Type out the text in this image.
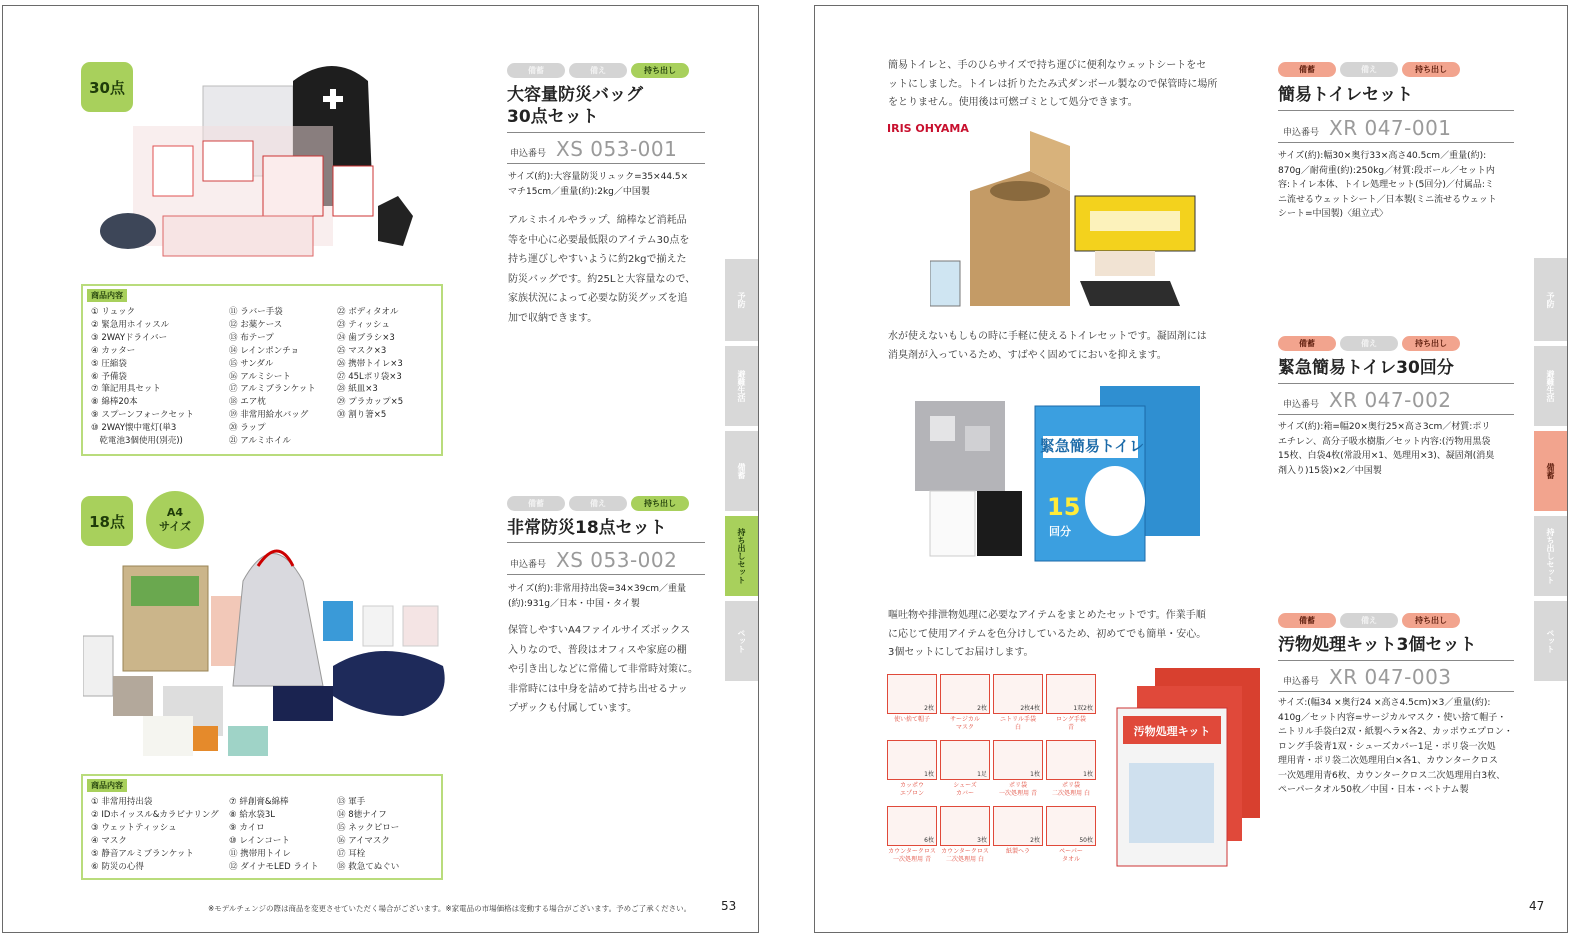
30点
備蓄	備え	持ち出し
大容量防災バッグ
30点セット
申込番号 XS 053-001
サイズ(約):大容量防災リュック=35×44.5×
マチ15cm／重量(約):2kg／中国製
アルミホイルやラップ、綿棒など消耗品
等を中心に必要最低限のアイテム30点を
持ち運びしやすいように約2kgで揃えた
防災バッグです。約25Lと大容量なので、
家族状況によって必要な防災グッズを追
加で収納できます。
商品内容
① リュック
② 緊急用ホイッスル
③ 2WAYドライバー
④ カッター
⑤ 圧縮袋
⑥ 予備袋
⑦ 筆記用具セット
⑧ 綿棒20本
⑨ スプーンフォークセット
⑩ 2WAY懐中電灯(単3
　乾電池3個使用(別売))
⑪ ラバー手袋
⑫ お薬ケース
⑬ 布テープ
⑭ レインポンチョ
⑮ サンダル
⑯ アルミシート
⑰ アルミブランケット
⑱ エア枕
⑲ 非常用給水バッグ
⑳ ラップ
㉑ アルミホイル
㉒ ボディタオル
㉓ ティッシュ
㉔ 歯ブラシ×3
㉕ マスク×3
㉖ 携帯トイレ×3
㉗ 45Lポリ袋×3
㉘ 紙皿×3
㉙ プラカップ×5
㉚ 割り箸×5
18点	A4
サイズ
備蓄	備え	持ち出し
非常防災18点セット
申込番号 XS 053-002
サイズ(約):非常用持出袋=34×39cm／重量
(約):931g／日本・中国・タイ製
保管しやすいA4ファイルサイズボックス
入りなので、普段はオフィスや家庭の棚
や引き出しなどに常備して非常時対策に。
非常時には中身を詰めて持ち出せるナッ
プザックも付属しています。
商品内容
① 非常用持出袋
② IDホイッスル&カラビナリング
③ ウェットティッシュ
④ マスク
⑤ 静音アルミブランケット
⑥ 防災の心得
⑦ 絆創膏&綿棒
⑧ 給水袋3L
⑨ カイロ
⑩ レインコート
⑪ 携帯用トイレ
⑫ ダイナモLED ライト
⑬ 軍手
⑭ 8徳ナイフ
⑮ ネックピロー
⑯ アイマスク
⑰ 耳栓
⑱ 救急てぬぐい
予防
避難生活
備蓄
持ち出しセット
ペット
※モデルチェンジの際は商品を変更させていただく場合がございます。※家電品の市場価格は変動する場合がございます。予めご了承ください。 53
簡易トイレと、手のひらサイズで持ち運びに便利なウェットシートをセ
ットにしました。トイレは折りたたみ式ダンボール製なので保管時に場所
をとりません。使用後は可燃ゴミとして処分できます。
IRIS OHYAMA
備蓄	備え	持ち出し
簡易トイレセット
申込番号 XR 047-001
サイズ(約):幅30×奥行33×高さ40.5cm／重量(約):
870g／耐荷重(約):250kg／材質:段ボール／セット内
容:トイレ本体、トイレ処理セット(5回分)／付属品:ミ
ニ流せるウェットシート／日本製(ミニ流せるウェット
シート=中国製)〈組立式〉
水が使えないもしもの時に手軽に使えるトイレセットです。凝固剤には
消臭剤が入っているため、すばやく固めてにおいを抑えます。
緊急簡易トイレ
15
回分
備蓄	備え	持ち出し
緊急簡易トイレ30回分
申込番号 XR 047-002
サイズ(約):箱=幅20×奥行25×高さ3cm／材質:ポリ
エチレン、高分子吸水樹脂／セット内容:(汚物用黒袋
15枚、白袋4枚(常設用×1、処理用×3)、凝固剤(消臭
剤入り)15袋)×2／中国製
嘔吐物や排泄物処理に必要なアイテムをまとめたセットです。作業手順
に応じて使用アイテムを色分けしているため、初めてでも簡単・安心。
3個セットにしてお届けします。
2枚
使い捨て帽子
2枚
サージカル
マスク
2枚4枚
ニトリル手袋
白
1双2枚
ロング手袋
青
1枚
カッポウ
エプロン
1足
シューズ
カバー
1枚
ポリ袋
一次処理用 青
1枚
ポリ袋
二次処理用 白
6枚
カウンタークロス
一次処理用 青
3枚
カウンタークロス
二次処理用 白
2枚
紙製ヘラ
50枚
ペーパー
タオル
汚物処理キット
備蓄	備え	持ち出し
汚物処理キット3個セット
申込番号 XR 047-003
サイズ:(幅34 ×奥行24 ×高さ4.5cm)×3／重量(約):
410g／セット内容=サージカルマスク・使い捨て帽子・
ニトリル手袋白2双・紙製ヘラ×各2、カッポウエプロン・
ロング手袋青1双・シューズカバー1足・ポリ袋一次処
理用青・ポリ袋二次処理用白×各1、カウンタークロス
一次処理用青6枚、カウンタークロス二次処理用白3枚、
ペーパータオル50枚／中国・日本・ベトナム製
予防
避難生活
備蓄
持ち出しセット
ペット
47
